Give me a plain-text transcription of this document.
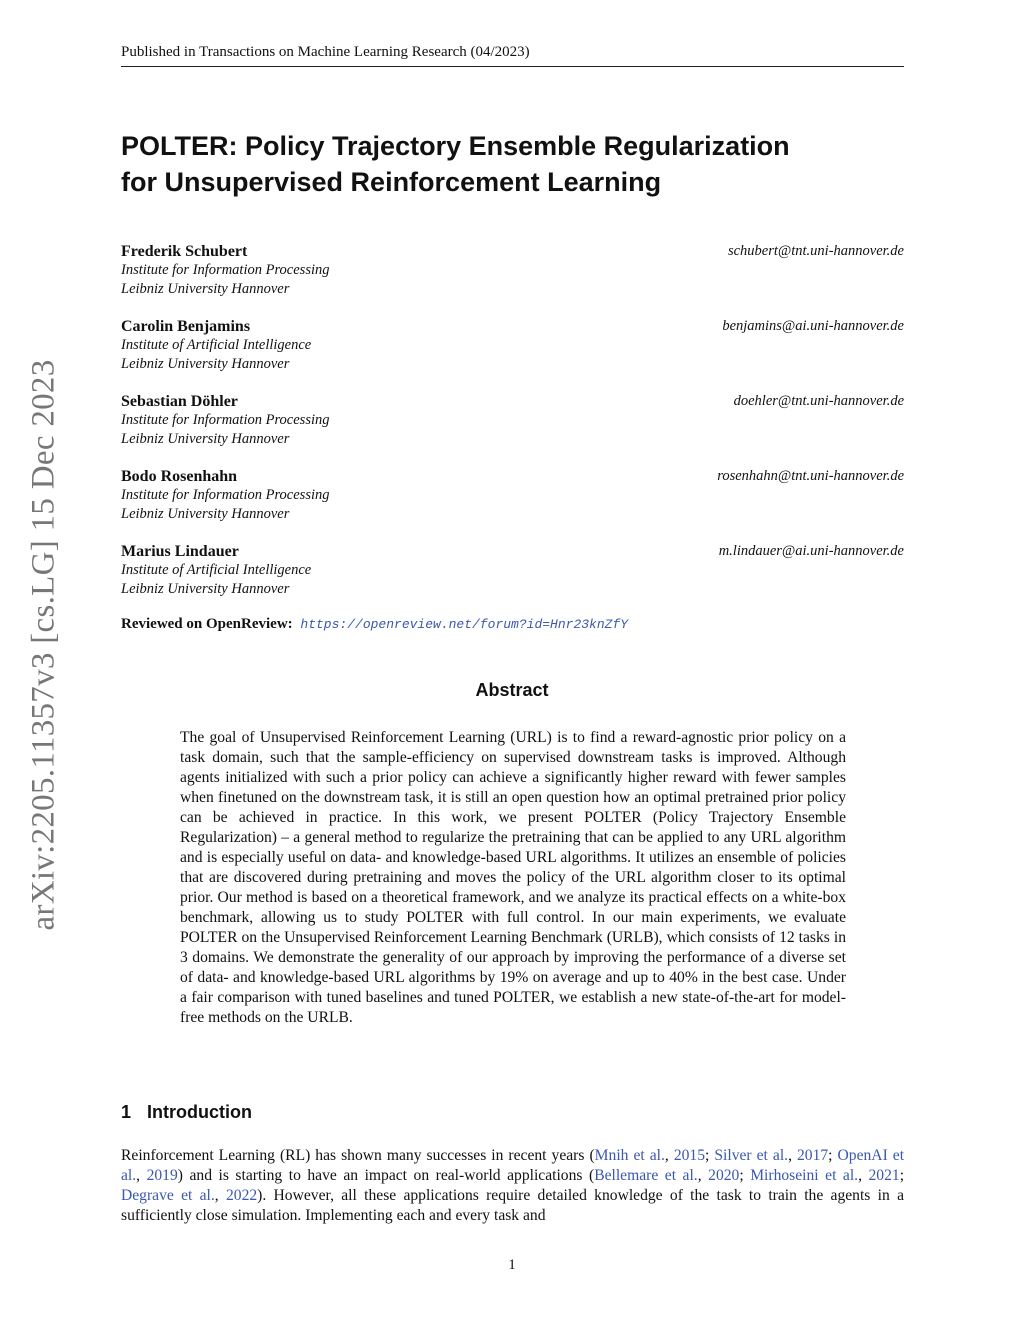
Published in Transactions on Machine Learning Research (04/2023)
arXiv:2205.11357v3 [cs.LG] 15 Dec 2023
POLTER: Policy Trajectory Ensemble Regularization
for Unsupervised Reinforcement Learning
Frederik Schubert	schubert@tnt.uni-hannover.de
Institute for Information Processing
Leibniz University Hannover
Carolin Benjamins	benjamins@ai.uni-hannover.de
Institute of Artificial Intelligence
Leibniz University Hannover
Sebastian Döhler	doehler@tnt.uni-hannover.de
Institute for Information Processing
Leibniz University Hannover
Bodo Rosenhahn	rosenhahn@tnt.uni-hannover.de
Institute for Information Processing
Leibniz University Hannover
Marius Lindauer	m.lindauer@ai.uni-hannover.de
Institute of Artificial Intelligence
Leibniz University Hannover
Reviewed on OpenReview: https://openreview.net/forum?id=Hnr23knZfY
Abstract

The goal of Unsupervised Reinforcement Learning (URL) is to find a reward-agnostic prior policy on a task domain, such that the sample-efficiency on supervised downstream tasks is improved. Although agents initialized with such a prior policy can achieve a significantly higher reward with fewer samples when finetuned on the downstream task, it is still an open question how an optimal pretrained prior policy can be achieved in practice. In this work, we present POLTER (Policy Trajectory Ensemble Regularization) – a general method to regularize the pretraining that can be applied to any URL algorithm and is especially useful on data- and knowledge-based URL algorithms. It utilizes an ensemble of policies that are discovered during pretraining and moves the policy of the URL algorithm closer to its optimal prior. Our method is based on a theoretical framework, and we analyze its practical effects on a white-box benchmark, allowing us to study POLTER with full control. In our main experiments, we evaluate POLTER on the Unsupervised Reinforcement Learning Benchmark (URLB), which consists of 12 tasks in 3 domains. We demonstrate the generality of our approach by improving the performance of a diverse set of data- and knowledge-based URL algorithms by 19% on average and up to 40% in the best case. Under a fair comparison with tuned baselines and tuned POLTER, we establish a new state-of-the-art for model-free methods on the URLB.

1 Introduction

Reinforcement Learning (RL) has shown many successes in recent years (Mnih et al., 2015; Silver et al., 2017; OpenAI et al., 2019) and is starting to have an impact on real-world applications (Bellemare et al., 2020; Mirhoseini et al., 2021; Degrave et al., 2022). However, all these applications require detailed knowledge of the task to train the agents in a sufficiently close simulation. Implementing each and every task and

1
